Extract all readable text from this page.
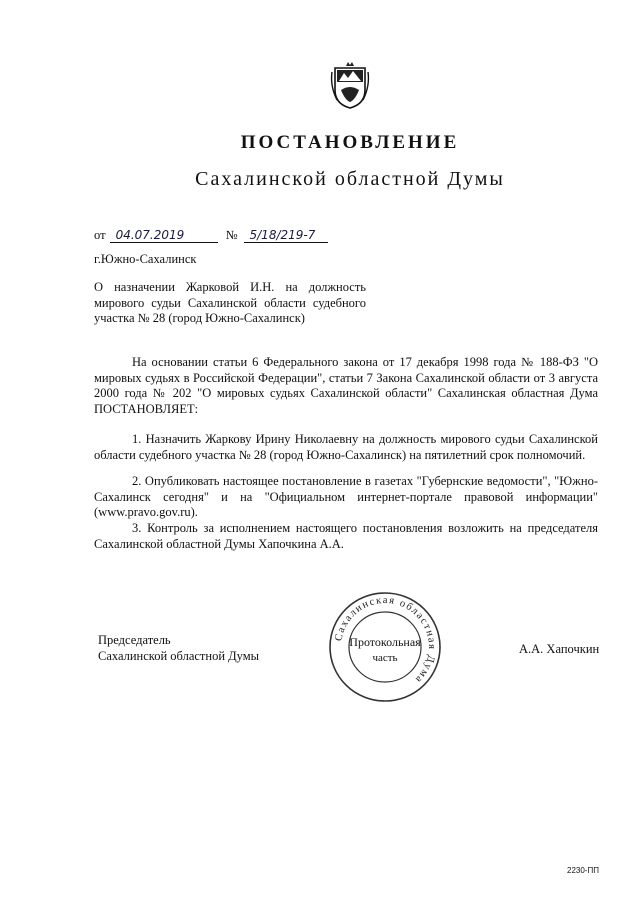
ПОСТАНОВЛЕНИЕ
Сахалинской областной Думы
от 04.07.2019	№	5/18/219-7
г.Южно-Сахалинск
О назначении Жарковой И.Н. на должность мирового судьи Сахалинской области судебного участка № 28 (город Южно-Сахалинск)

На основании статьи 6 Федерального закона от 17 декабря 1998 года № 188-ФЗ "О мировых судьях в Российской Федерации", статьи 7 Закона Сахалинской области от 3 августа 2000 года № 202 "О мировых судьях Сахалинской области" Сахалинская областная Дума ПОСТАНОВЛЯЕТ:

1. Назначить Жаркову Ирину Николаевну на должность мирового судьи Сахалинской области судебного участка № 28 (город Южно-Сахалинск) на пятилетний срок полномочий.

2. Опубликовать настоящее постановление в газетах "Губернские ведомости", "Южно-Сахалинск сегодня" и на "Официальном интернет-портале правовой информации" (www.pravo.gov.ru).

3. Контроль за исполнением настоящего постановления возложить на председателя Сахалинской областной Думы Хапочкина А.А.

Председатель
Сахалинской областной Думы
Сахалинская областная Дума
Протокольная
часть
А.А. Хапочкин
2230-ПП
